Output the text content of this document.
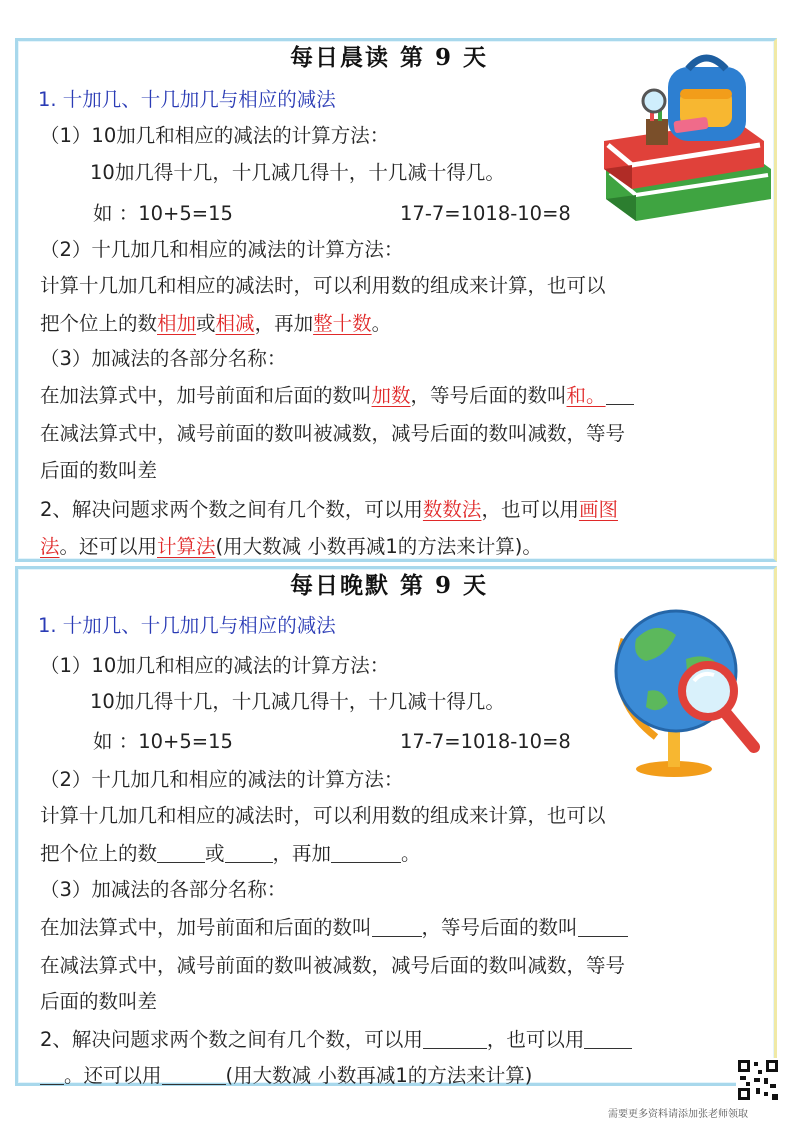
每日晨读 第 9 天
1. 十加几、十几加几与相应的减法
（1）10加几和相应的减法的计算方法：
10加几得十几，十几减几得十，十几减十得几。
如 ：10+5=15	17-7=1018-10=8
（2）十几加几和相应的减法的计算方法：
计算十几加几和相应的减法时，可以利用数的组成来计算，也可以
把个位上的数相加或相减，再加整十数。
（3）加减法的各部分名称：
在加法算式中，加号前面和后面的数叫加数，等号后面的数叫和。
在减法算式中，减号前面的数叫被减数，减号后面的数叫减数，等号
后面的数叫差
2、解决问题求两个数之间有几个数，可以用数数法，也可以用画图
法。还可以用计算法(用大数减 小数再减1的方法来计算)。
每日晚默 第 9 天
1. 十加几、十几加几与相应的减法
（1）10加几和相应的减法的计算方法：
10加几得十几，十几减几得十，十几减十得几。
如 ：10+5=15	17-7=1018-10=8
（2）十几加几和相应的减法的计算方法：
计算十几加几和相应的减法时，可以利用数的组成来计算，也可以
把个位上的数 或 ，再加	。
（3）加减法的各部分名称：
在加法算式中，加号前面和后面的数叫	，等号后面的数叫
在减法算式中，减号前面的数叫被减数，减号后面的数叫减数，等号
后面的数叫差
2、解决问题求两个数之间有几个数，可以用	，也可以用
。还可以用	(用大数减 小数再减1的方法来计算)
需要更多资料请添加张老师领取
